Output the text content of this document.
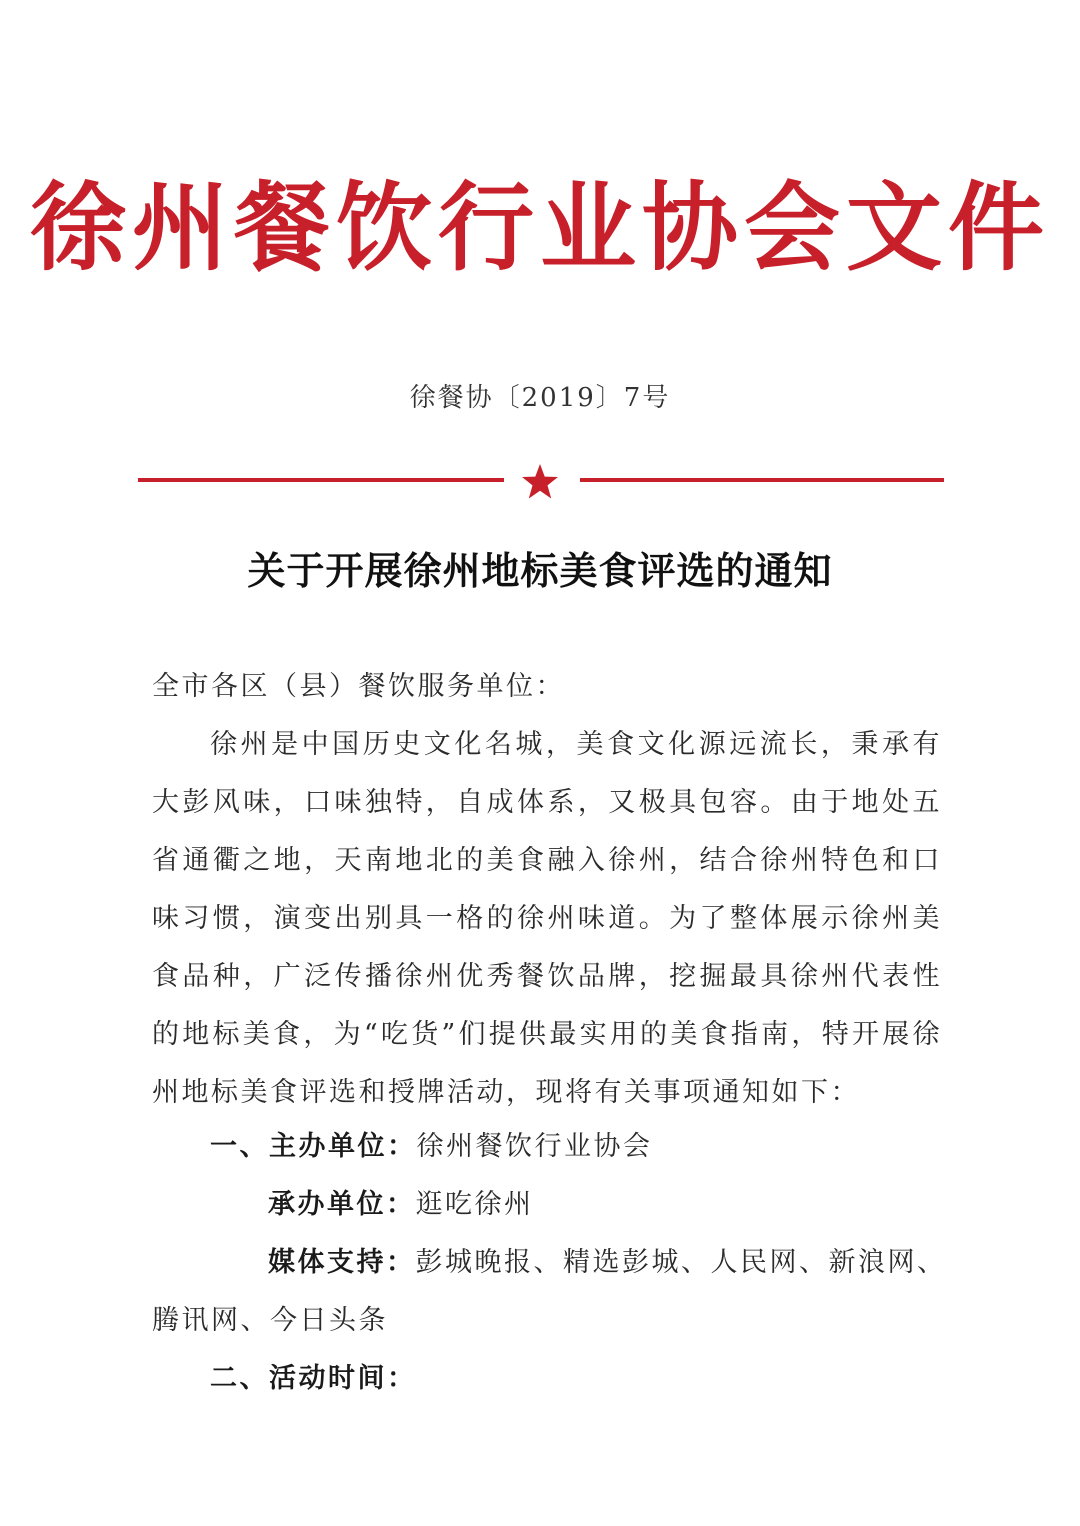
徐州餐饮行业协会文件
徐餐协〔2019〕7号
关于开展徐州地标美食评选的通知
全市各区（县）餐饮服务单位：
徐州是中国历史文化名城，美食文化源远流长，秉承有大彭风味，口味独特，自成体系，又极具包容。由于地处五省通衢之地，天南地北的美食融入徐州，结合徐州特色和口味习惯，演变出别具一格的徐州味道。为了整体展示徐州美食品种，广泛传播徐州优秀餐饮品牌，挖掘最具徐州代表性的地标美食，为“吃货”们提供最实用的美食指南，特开展徐州地标美食评选和授牌活动，现将有关事项通知如下：
一、主办单位：徐州餐饮行业协会
承办单位：逛吃徐州
媒体支持：彭城晚报、精选彭城、人民网、新浪网、
腾讯网、今日头条
二、活动时间：
